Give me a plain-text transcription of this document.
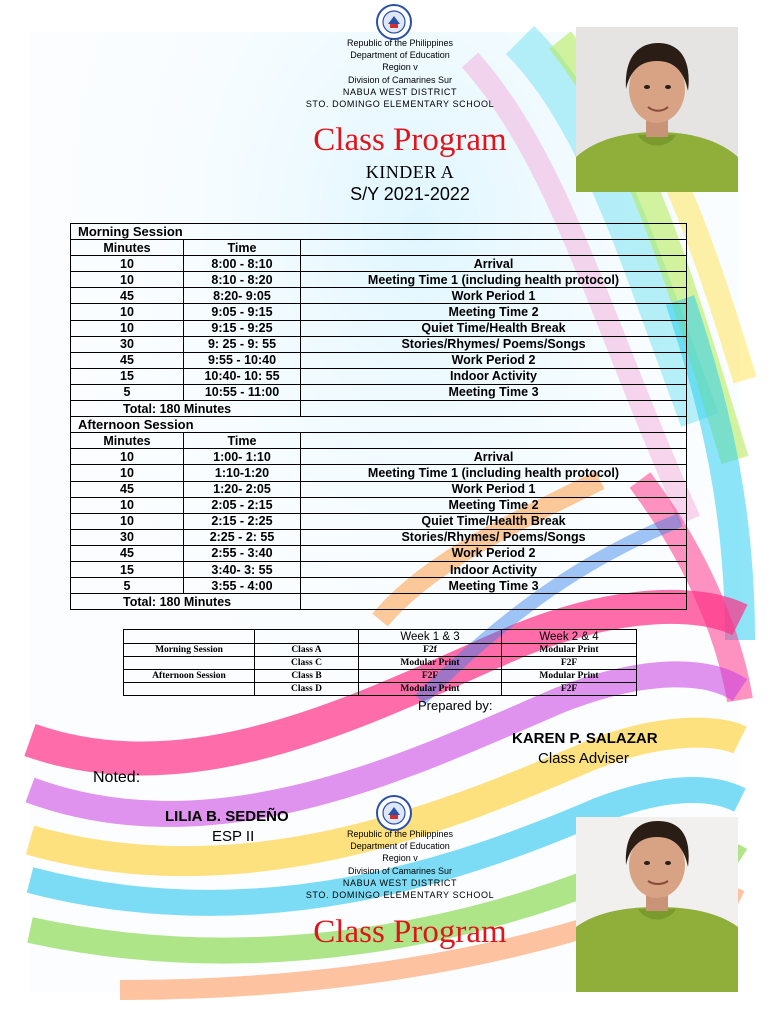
Republic of the Philippines
Department of Education
Region v
Division of Camarines Sur
NABUA WEST DISTRICT
STO. DOMINGO ELEMENTARY SCHOOL
Class Program
KINDER A
S/Y 2021-2022
Morning Session		
Minutes	Time	
10	8:00 - 8:10	Arrival
10	8:10 - 8:20	Meeting Time 1 (including health protocol)
45	8:20- 9:05	Work Period 1
10	9:05 - 9:15	Meeting Time 2
10	9:15 - 9:25	Quiet Time/Health Break
30	9: 25 - 9: 55	Stories/Rhymes/ Poems/Songs
45	9:55 - 10:40	Work Period 2
15	10:40- 10: 55	Indoor Activity
5	10:55 - 11:00	Meeting Time 3
Total: 180 Minutes		
Afternoon Session		
Minutes	Time	
10	1:00- 1:10	Arrival
10	1:10-1:20	Meeting Time 1 (including health protocol)
45	1:20- 2:05	Work Period 1
10	2:05 - 2:15	Meeting Time 2
10	2:15 - 2:25	Quiet Time/Health Break
30	2:25 - 2: 55	Stories/Rhymes/ Poems/Songs
45	2:55 - 3:40	Work Period 2
15	3:40- 3: 55	Indoor Activity
5	3:55 - 4:00	Meeting Time 3
Total: 180 Minutes		
		Week 1 & 3	Week 2 & 4
Morning Session	Class A	F2f	Modular Print
	Class C	Modular Print	F2F
Afternoon Session	Class B	F2F	Modular Print
	Class D	Modular Print	F2F
Prepared by:
KAREN P. SALAZAR
Class Adviser
Noted:
LILIA B. SEDEÑO
ESP II	Republic of the Philippines
Department of Education
Region v
Division of Camarines Sur
NABUA WEST DISTRICT
STO. DOMINGO ELEMENTARY SCHOOL
Class Program
